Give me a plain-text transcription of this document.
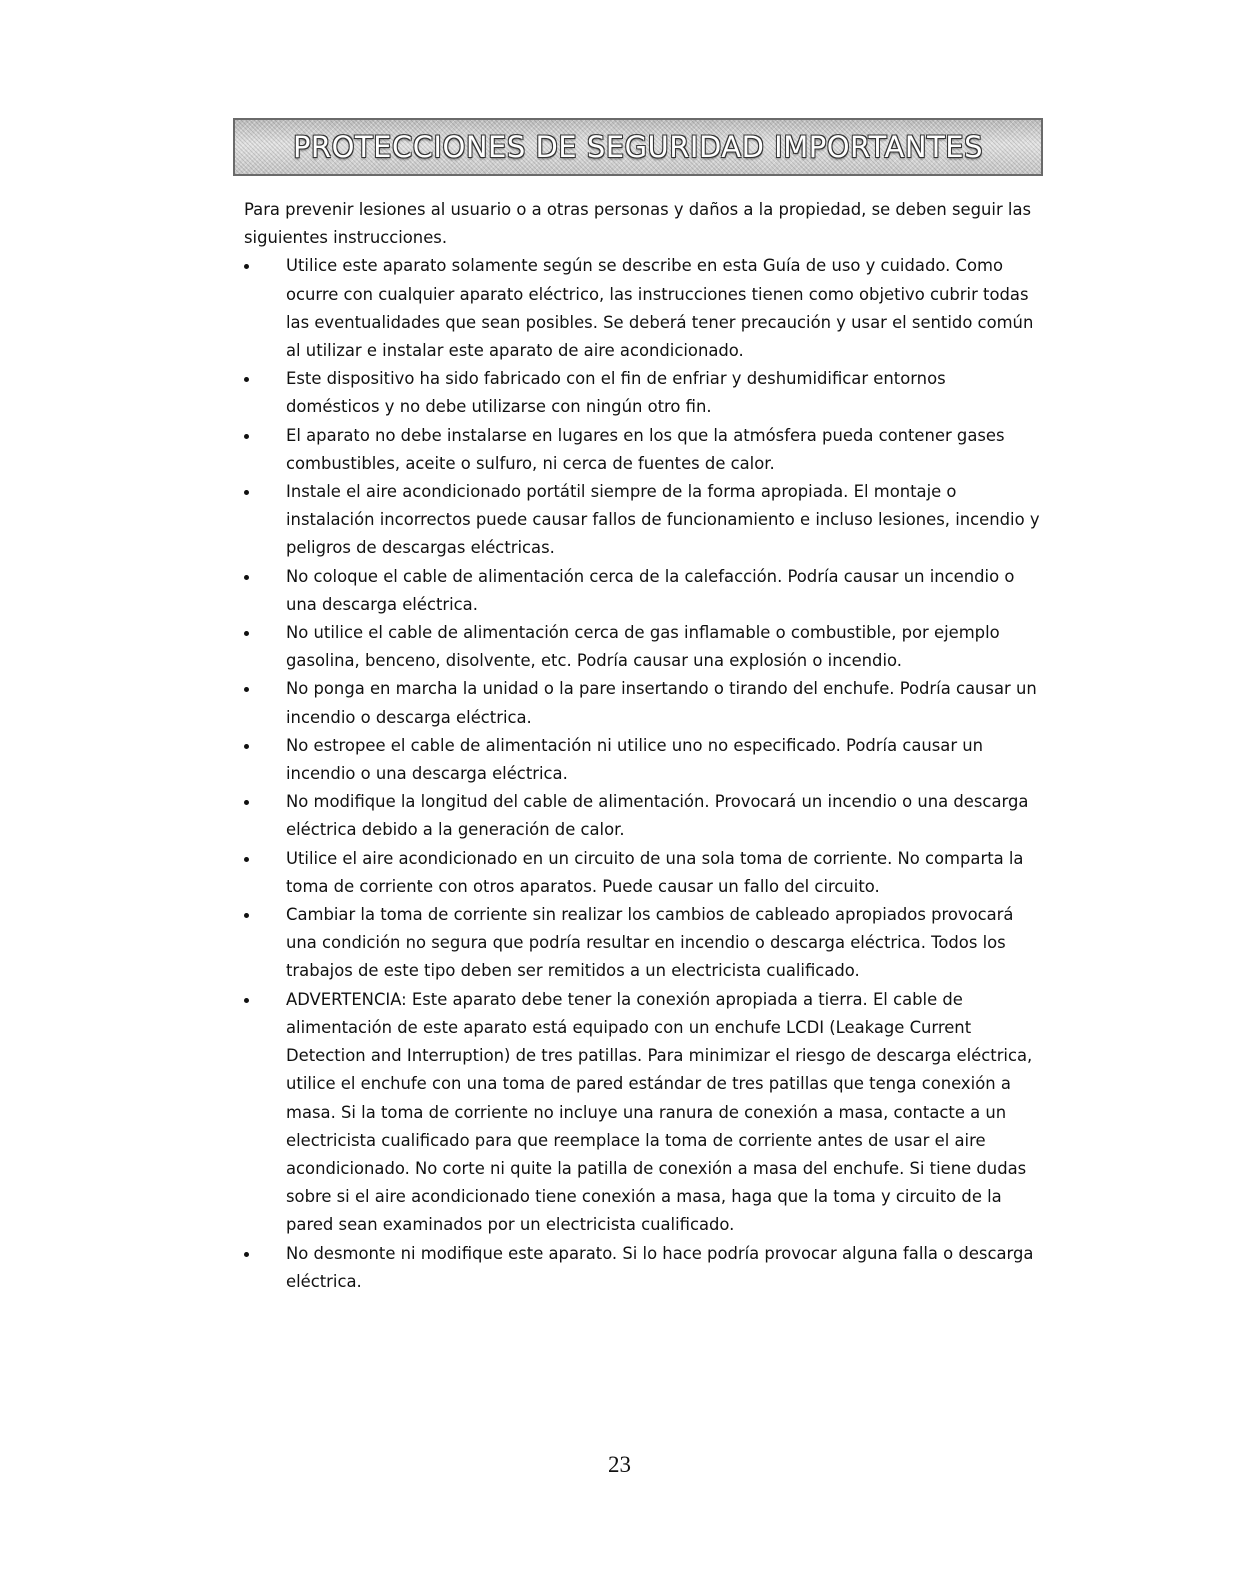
PROTECCIONES DE SEGURIDAD IMPORTANTES

Para prevenir lesiones al usuario o a otras personas y daños a la propiedad, se deben seguir las siguientes instrucciones.

Utilice este aparato solamente según se describe en esta Guía de uso y cuidado. Como ocurre con cualquier aparato eléctrico, las instrucciones tienen como objetivo cubrir todas las eventualidades que sean posibles. Se deberá tener precaución y usar el sentido común al utilizar e instalar este aparato de aire acondicionado.
Este dispositivo ha sido fabricado con el fin de enfriar y deshumidificar entornos domésticos y no debe utilizarse con ningún otro fin.
El aparato no debe instalarse en lugares en los que la atmósfera pueda contener gases combustibles, aceite o sulfuro, ni cerca de fuentes de calor.
Instale el aire acondicionado portátil siempre de la forma apropiada. El montaje o instalación incorrectos puede causar fallos de funcionamiento e incluso lesiones, incendio y peligros de descargas eléctricas.
No coloque el cable de alimentación cerca de la calefacción. Podría causar un incendio o una descarga eléctrica.
No utilice el cable de alimentación cerca de gas inflamable o combustible, por ejemplo gasolina, benceno, disolvente, etc. Podría causar una explosión o incendio.
No ponga en marcha la unidad o la pare insertando o tirando del enchufe. Podría causar un incendio o descarga eléctrica.
No estropee el cable de alimentación ni utilice uno no especificado. Podría causar un incendio o una descarga eléctrica.
No modifique la longitud del cable de alimentación. Provocará un incendio o una descarga eléctrica debido a la generación de calor.
Utilice el aire acondicionado en un circuito de una sola toma de corriente. No comparta la toma de corriente con otros aparatos. Puede causar un fallo del circuito.
Cambiar la toma de corriente sin realizar los cambios de cableado apropiados provocará una condición no segura que podría resultar en incendio o descarga eléctrica. Todos los trabajos de este tipo deben ser remitidos a un electricista cualificado.
ADVERTENCIA: Este aparato debe tener la conexión apropiada a tierra. El cable de alimentación de este aparato está equipado con un enchufe LCDI (Leakage Current Detection and Interruption) de tres patillas. Para minimizar el riesgo de descarga eléctrica, utilice el enchufe con una toma de pared estándar de tres patillas que tenga conexión a masa. Si la toma de corriente no incluye una ranura de conexión a masa, contacte a un electricista cualificado para que reemplace la toma de corriente antes de usar el aire acondicionado. No corte ni quite la patilla de conexión a masa del enchufe. Si tiene dudas sobre si el aire acondicionado tiene conexión a masa, haga que la toma y circuito de la pared sean examinados por un electricista cualificado.
No desmonte ni modifique este aparato. Si lo hace podría provocar alguna falla o descarga eléctrica.
23
